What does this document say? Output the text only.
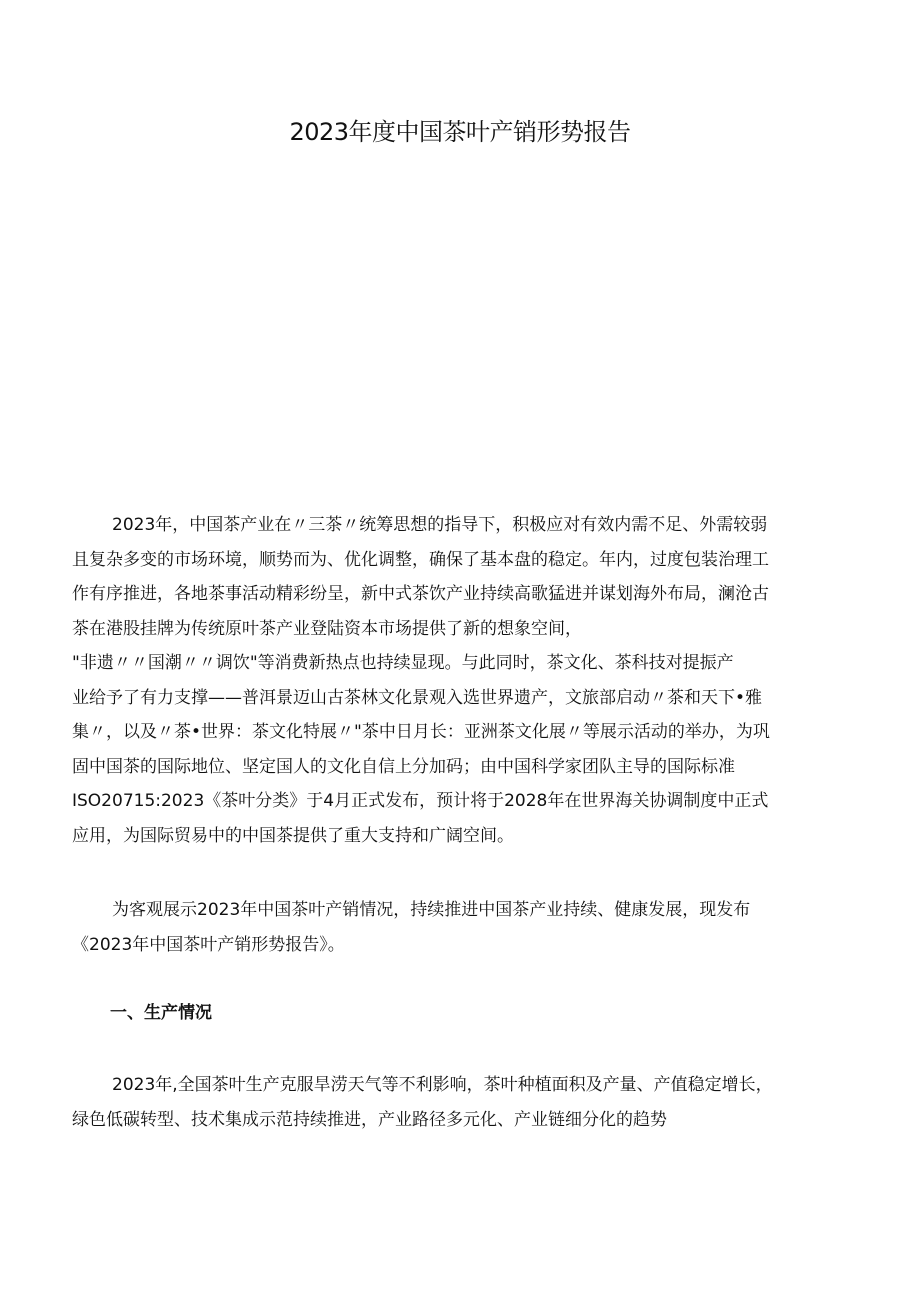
2023年度中国茶叶产销形势报告
2023年，中国茶产业在〃三茶〃统筹思想的指导下，积极应对有效内需不足、外需较弱
且复杂多变的市场环境，顺势而为、优化调整，确保了基本盘的稳定。年内，过度包装治理工
作有序推进，各地茶事活动精彩纷呈，新中式茶饮产业持续高歌猛进并谋划海外布局，澜沧古
茶在港股挂牌为传统原叶茶产业登陆资本市场提供了新的想象空间，
"非遗〃〃国潮〃〃调饮"等消费新热点也持续显现。与此同时，茶文化、茶科技对提振产
业给予了有力支撑——普洱景迈山古茶林文化景观入选世界遗产，文旅部启动〃茶和天下•雅
集〃，以及〃茶•世界：茶文化特展〃"茶中日月长：亚洲茶文化展〃等展示活动的举办，为巩
固中国茶的国际地位、坚定国人的文化自信上分加码；由中国科学家团队主导的国际标准
ISO20715:2023《茶叶分类》于4月正式发布，预计将于2028年在世界海关协调制度中正式
应用，为国际贸易中的中国茶提供了重大支持和广阔空间。
为客观展示2023年中国茶叶产销情况，持续推进中国茶产业持续、健康发展，现发布
《2023年中国茶叶产销形势报告》。
一、生产情况
2023年,全国茶叶生产克服旱涝天气等不利影响，茶叶种植面积及产量、产值稳定增长，
绿色低碳转型、技术集成示范持续推进，产业路径多元化、产业链细分化的趋势
